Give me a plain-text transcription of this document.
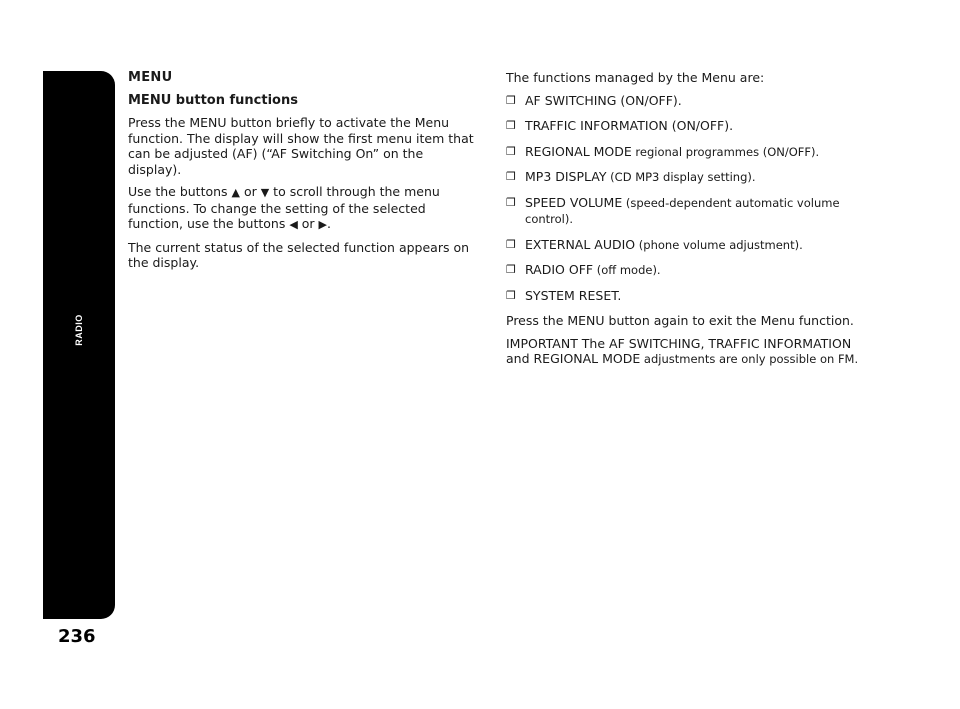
RADIO
236

MENU

MENU button functions

Press the MENU button briefly to activate the Menu function. The display will show the first menu item that can be adjusted (AF) (“AF Switching On” on the display).

Use the buttons ▲ or ▼ to scroll through the menu functions. To change the setting of the selected function, use the buttons ◀ or ▶.

The current status of the selected function appears on the display.

The functions managed by the Menu are:

❒ AF SWITCHING (ON/OFF).
❒ TRAFFIC INFORMATION (ON/OFF).
❒ REGIONAL MODE regional programmes (ON/OFF).
❒ MP3 DISPLAY (CD MP3 display setting).
❒ SPEED VOLUME (speed-dependent automatic volume control).
❒ EXTERNAL AUDIO (phone volume adjustment).
❒ RADIO OFF (off mode).
❒ SYSTEM RESET.

Press the MENU button again to exit the Menu function.

IMPORTANT The AF SWITCHING, TRAFFIC INFORMATION and REGIONAL MODE adjustments are only possible on FM.
